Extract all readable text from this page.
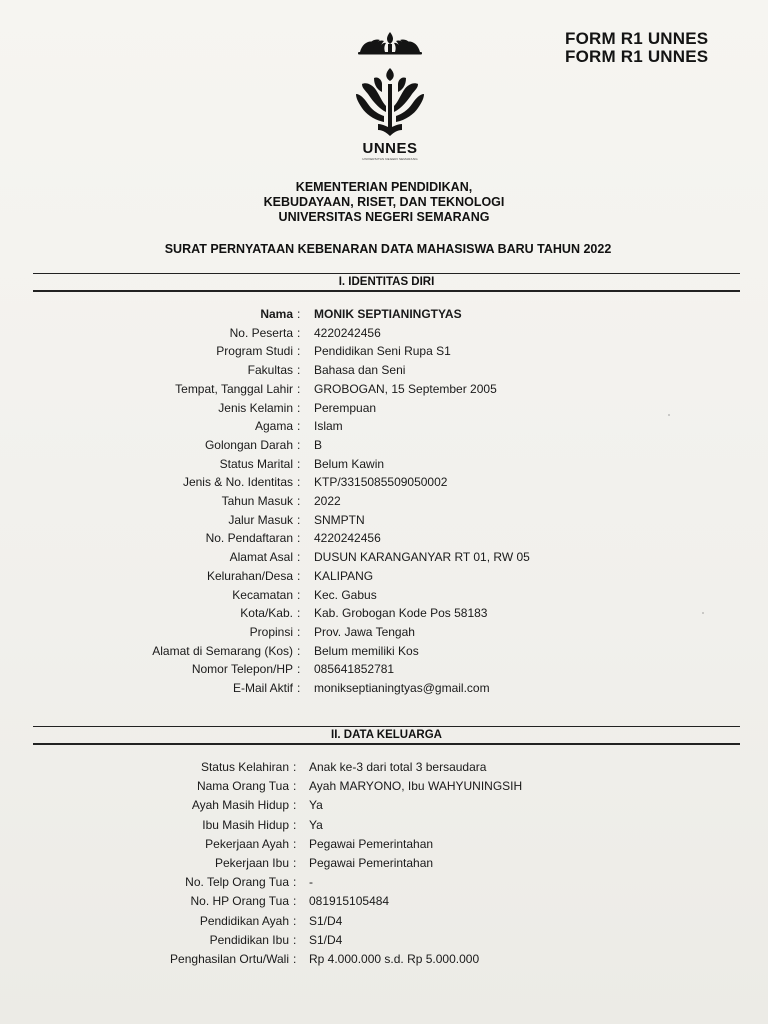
FORM R1 UNNES
FORM R1 UNNES
UNNES
UNIVERSITAS NEGERI SEMARANG
KEMENTERIAN PENDIDIKAN,
KEBUDAYAAN, RISET, DAN TEKNOLOGI
UNIVERSITAS NEGERI SEMARANG
SURAT PERNYATAAN KEBENARAN DATA MAHASISWA BARU TAHUN 2022
I. IDENTITAS DIRI
Nama : MONIK SEPTIANINGTYAS
No. Peserta : 4220242456
Program Studi : Pendidikan Seni Rupa S1
Fakultas : Bahasa dan Seni
Tempat, Tanggal Lahir : GROBOGAN, 15 September 2005
Jenis Kelamin : Perempuan
Agama : Islam
Golongan Darah : B
Status Marital : Belum Kawin
Jenis & No. Identitas : KTP/3315085509050002
Tahun Masuk : 2022
Jalur Masuk : SNMPTN
No. Pendaftaran : 4220242456
Alamat Asal : DUSUN KARANGANYAR RT 01, RW 05
Kelurahan/Desa : KALIPANG
Kecamatan : Kec. Gabus
Kota/Kab. : Kab. Grobogan Kode Pos 58183
Propinsi : Prov. Jawa Tengah
Alamat di Semarang (Kos) : Belum memiliki Kos
Nomor Telepon/HP : 085641852781
E-Mail Aktif : monikseptianingtyas@gmail.com
II. DATA KELUARGA
Status Kelahiran : Anak ke-3 dari total 3 bersaudara
Nama Orang Tua : Ayah MARYONO, Ibu WAHYUNINGSIH
Ayah Masih Hidup : Ya
Ibu Masih Hidup : Ya
Pekerjaan Ayah : Pegawai Pemerintahan
Pekerjaan Ibu : Pegawai Pemerintahan
No. Telp Orang Tua : -
No. HP Orang Tua : 081915105484
Pendidikan Ayah : S1/D4
Pendidikan Ibu : S1/D4
Penghasilan Ortu/Wali : Rp 4.000.000 s.d. Rp 5.000.000
